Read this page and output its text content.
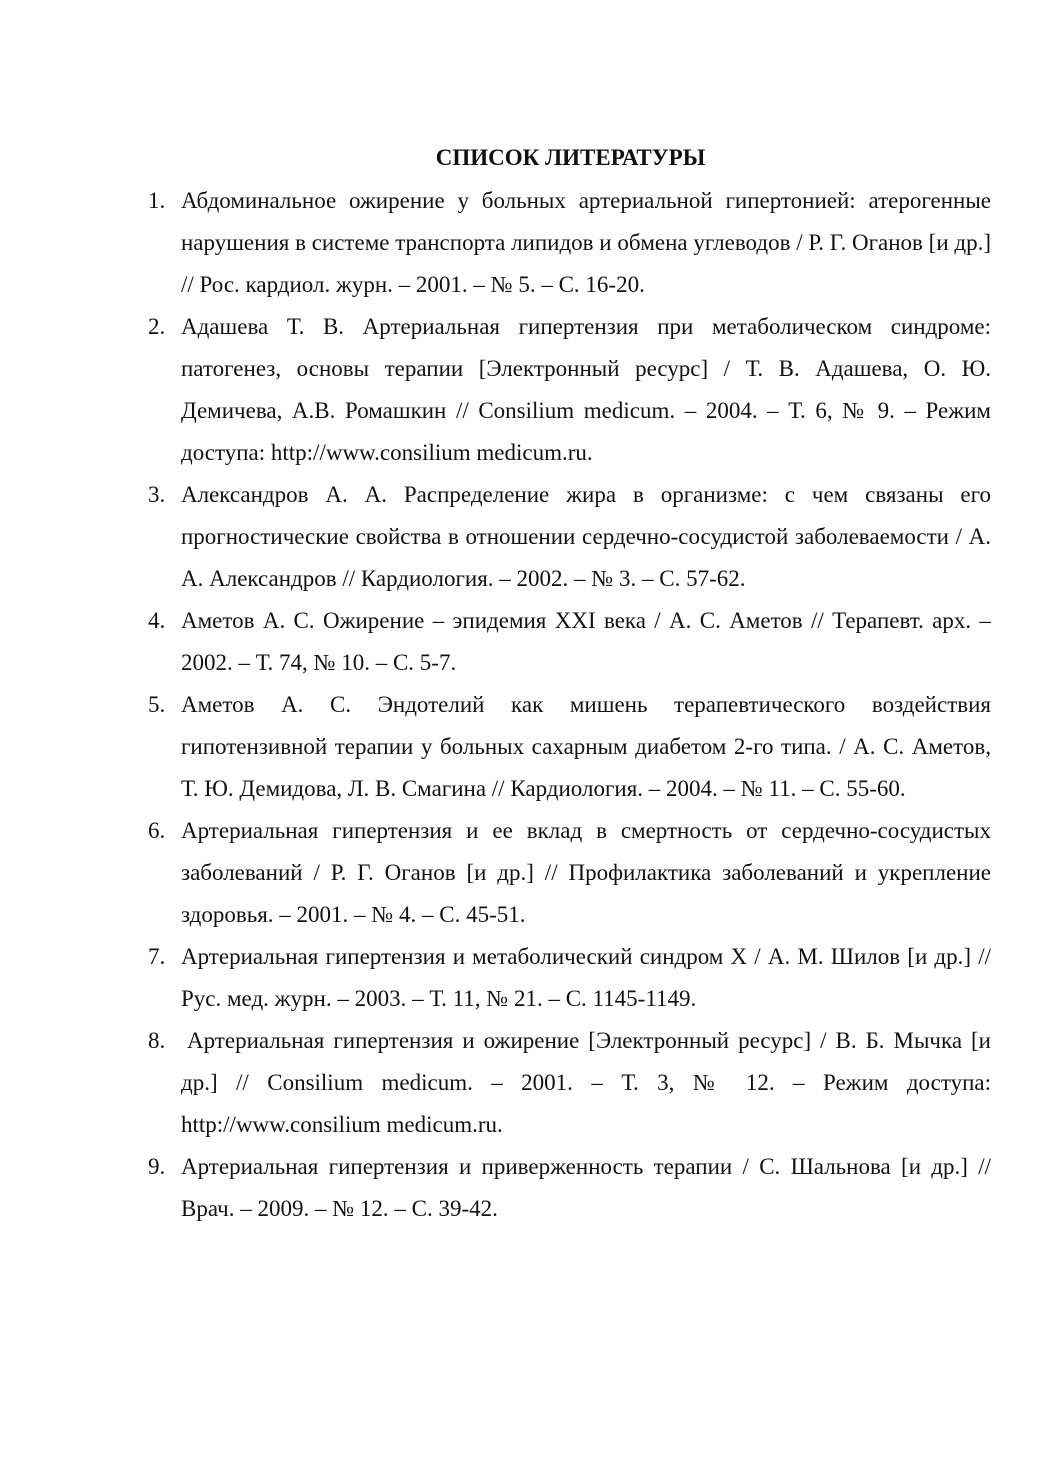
СПИСОК ЛИТЕРАТУРЫ
1. Абдоминальное ожирение у больных артериальной гипертонией: атерогенные нарушения в системе транспорта липидов и обмена углеводов / Р. Г. Оганов [и др.] // Рос. кардиол. журн. – 2001. – № 5. – С. 16-20.
2. Адашева Т. В. Артериальная гипертензия при метаболическом синдроме: патогенез, основы терапии [Электронный ресурс] / Т. В. Адашева, О. Ю. Демичева, А.В. Ромашкин // Consilium medicum. – 2004. – Т. 6, № 9. – Режим доступа: http://www.consilium medicum.ru.
3. Александров А. А. Распределение жира в организме: с чем связаны его прогностические свойства в отношении сердечно-сосудистой заболеваемости / А. А. Александров // Кардиология. – 2002. – № 3. – С. 57-62.
4. Аметов А. С. Ожирение – эпидемия XXI века / А. С. Аметов // Терапевт. арх. – 2002. – Т. 74, № 10. – С. 5-7.
5. Аметов А. С. Эндотелий как мишень терапевтического воздействия гипотензивной терапии у больных сахарным диабетом 2-го типа. / А. С. Аметов, Т. Ю. Демидова, Л. В. Смагина // Кардиология. – 2004. – № 11. – С. 55-60.
6. Артериальная гипертензия и ее вклад в смертность от сердечно-сосудистых заболеваний / Р. Г. Оганов [и др.] // Профилактика заболеваний и укрепление здоровья. – 2001. – № 4. – С. 45-51.
7. Артериальная гипертензия и метаболический синдром X / А. М. Шилов [и др.] // Рус. мед. журн. – 2003. – Т. 11, № 21. – С. 1145-1149.
8. Артериальная гипертензия и ожирение [Электронный ресурс] / В. Б. Мычка [и др.] // Consilium medicum. – 2001. – Т. 3, № 12. – Режим доступа: http://www.consilium medicum.ru.
9. Артериальная гипертензия и приверженность терапии / С. Шальнова [и др.] // Врач. – 2009. – № 12. – С. 39-42.
